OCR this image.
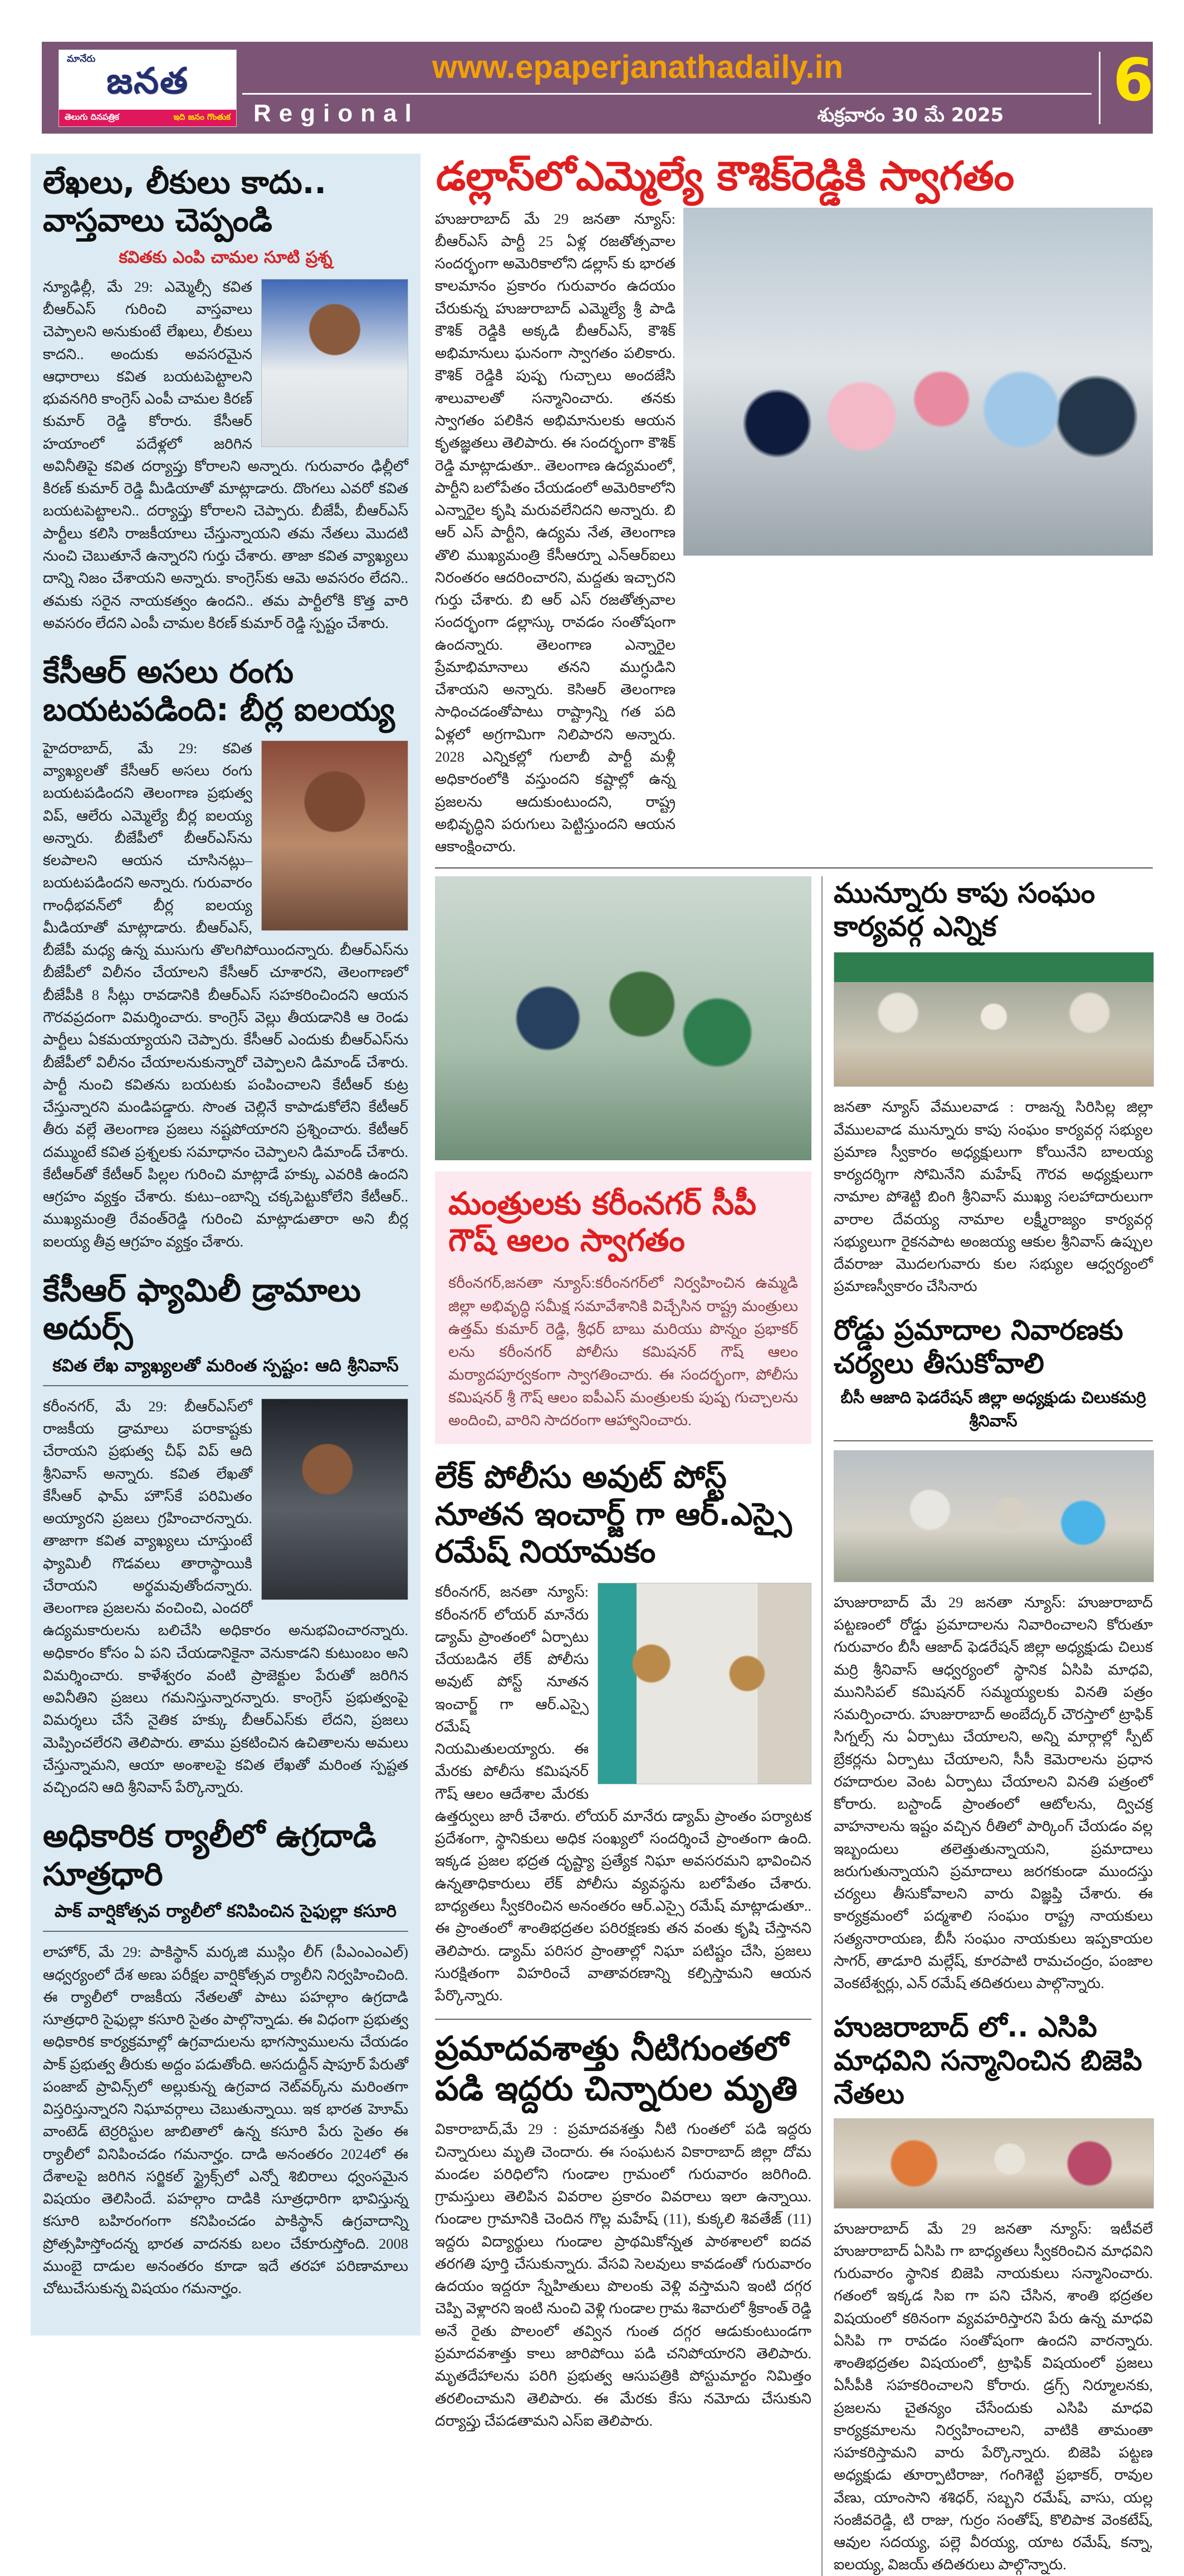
మానేరు
జనత
తెలుగు దినపత్రిక	ఇది జనం గొంతుక
www.epaperjanathadaily.in
Regional	శుక్రవారం 30 మే 2025
6
లేఖలు, లీకులు కాదు.. వాస్తవాలు చెప్పండి
కవితకు ఎంపి చామల సూటి ప్రశ్న

న్యూఢిల్లీ, మే 29: ఎమ్మెల్సీ కవిత బీఆర్ఎస్ గురించి వాస్తవాలు చెప్పాలని అనుకుంటే లేఖలు, లీకులు కాదని.. అందుకు అవసరమైన ఆధారాలు కవిత బయటపెట్టాలని భువనగిరి కాంగ్రెస్ ఎంపీ చామల కిరణ్ కుమార్ రెడ్డి కోరారు. కేసీఆర్ హయాంలో పదేళ్లలో జరిగిన అవినీతిపై కవిత దర్యాప్తు కోరాలని అన్నారు. గురువారం ఢిల్లీలో కిరణ్ కుమార్ రెడ్డి మీడియాతో మాట్లాడారు. దొంగలు ఎవరో కవిత బయటపెట్టాలని.. దర్యాప్తు కోరాలని చెప్పారు. బీజేపీ, బీఆర్ఎస్ పార్టీలు కలిసి రాజకీయాలు చేస్తున్నాయని తమ నేతలు మొదటి నుంచి చెబుతూనే ఉన్నారని గుర్తు చేశారు. తాజా కవిత వ్యాఖ్యలు దాన్ని నిజం చేశాయని అన్నారు. కాంగ్రెస్‌కు ఆమె అవసరం లేదని.. తమకు సరైన నాయకత్వం ఉందని.. తమ పార్టీలోకి కొత్త వారి అవసరం లేదని ఎంపీ చామల కిరణ్ కుమార్ రెడ్డి స్పష్టం చేశారు.

కేసీఆర్ అసలు రంగు బయటపడింది: బీర్ల ఐలయ్య

హైదరాబాద్, మే 29: కవిత వ్యాఖ్యలతో కేసీఆర్ అసలు రంగు బయటపడిందని తెలంగాణ ప్రభుత్వ విప్, ఆలేరు ఎమ్మెల్యే బీర్ల ఐలయ్య అన్నారు. బీజేపీలో బీఆర్ఎస్‌ను కలపాలని ఆయన చూసినట్లు– బయటపడిందని అన్నారు. గురువారం గాంధీభవన్‌లో బీర్ల ఐలయ్య మీడియాతో మాట్లాడారు. బీఆర్ఎస్, బీజేపీ మధ్య ఉన్న ముసుగు తొలగిపోయిందన్నారు. బీఆర్ఎస్‌ను బీజేపీలో విలీనం చేయాలని కేసీఆర్ చూశారని, తెలంగాణలో బీజేపీకి 8 సీట్లు రావడానికి బీఆర్ఎస్ సహకరించిందని ఆయన గౌరవప్రదంగా విమర్శించారు. కాంగ్రెస్ వెల్లు తీయడానికి ఆ రెండు పార్టీలు ఏకమయ్యాయని చెప్పారు. కేసీఆర్ ఎందుకు బీఆర్ఎస్‌ను బీజేపీలో విలీనం చేయాలనుకున్నారో చెప్పాలని డిమాండ్ చేశారు. పార్టీ నుంచి కవితను బయటకు పంపించాలని కేటీఆర్ కుట్ర చేస్తున్నారని మండిపడ్డారు. సొంత చెల్లినే కాపాడుకోలేని కేటీఆర్ తీరు వల్లే తెలంగాణ ప్రజలు నష్టపోయారని ప్రశ్నించారు. కేటీఆర్ దమ్ముంటే కవిత ప్రశ్నలకు సమాధానం చెప్పాలని డిమాండ్ చేశారు. కేటీఆర్‌తో కేటీఆర్ పిల్లల గురించి మాట్లాడే హక్కు ఎవరికి ఉందని ఆగ్రహం వ్యక్తం చేశారు. కుటు–ంబాన్ని చక్కపెట్టుకోలేని కేటీఆర్.. ముఖ్యమంత్రి రేవంత్‌రెడ్డి గురించి మాట్లాడుతారా అని బీర్ల ఐలయ్య తీవ్ర ఆగ్రహం వ్యక్తం చేశారు.

కేసీఆర్ ఫ్యామిలీ డ్రామాలు అదుర్స్
కవిత లేఖ వ్యాఖ్యలతో మరింత స్పష్టం: ఆది శ్రీనివాస్

కరీంనగర్, మే 29: బీఆర్ఎస్‌లో రాజకీయ డ్రామాలు పరాకాష్టకు చేరాయని ప్రభుత్వ చీఫ్ విప్ ఆది శ్రీనివాస్ అన్నారు. కవిత లేఖతో కేసీఆర్ ఫామ్ హౌస్‌కే పరిమితం అయ్యారని ప్రజలు గ్రహించారన్నారు. తాజాగా కవిత వ్యాఖ్యలు చూస్తుంటే ఫ్యామిలీ గొడవలు తారాస్థాయికి చేరాయని అర్థమవుతోందన్నారు. తెలంగాణ ప్రజలను వంచించి, ఎందరో ఉద్యమకారులను బలిచేసి అధికారం అనుభవించారన్నారు. అధికారం కోసం ఏ పని చేయడానికైనా వెనుకాడని కుటుంబం అని విమర్శించారు. కాళేశ్వరం వంటి ప్రాజెక్టుల పేరుతో జరిగిన అవినీతిని ప్రజలు గమనిస్తున్నారన్నారు. కాంగ్రెస్ ప్రభుత్వంపై విమర్శలు చేసే నైతిక హక్కు బీఆర్ఎస్‌కు లేదని, ప్రజలు మెప్పించలేరని తెలిపారు. తాము ప్రకటించిన ఉచితాలను అమలు చేస్తున్నామని, ఆయా అంశాలపై కవిత లేఖతో మరింత స్పష్టత వచ్చిందని ఆది శ్రీనివాస్ పేర్కొన్నారు.

అధికారిక ర్యాలీలో ఉగ్రదాడి సూత్రధారి
పాక్ వార్షికోత్సవ ర్యాలీలో కనిపించిన సైఫుల్లా కసూరి

లాహోర్, మే 29: పాకిస్థాన్ మర్కజి ముస్లిం లీగ్ (పీఎంఎంఎల్) ఆధ్వర్యంలో దేశ అణు పరీక్షల వార్షికోత్సవ ర్యాలీని నిర్వహించింది. ఈ ర్యాలీలో రాజకీయ నేతలతో పాటు పహల్గాం ఉగ్రదాడి సూత్రధారి సైఫుల్లా కసూరి సైతం పాల్గొన్నాడు. ఈ విధంగా ప్రభుత్వ అధికారిక కార్యక్రమాల్లో ఉగ్రవాదులను భాగస్వాములను చేయడం పాక్ ప్రభుత్వ తీరుకు అద్దం పడుతోంది. అసదుద్దీన్ షాపూర్ పేరుతో పంజాబ్ ప్రావిన్స్‌లో అల్లుకున్న ఉగ్రవాద నెట్‌వర్క్‌ను మరింతగా విస్తరిస్తున్నారని నిఘావర్గాలు చెబుతున్నాయి. ఇక భారత హెూమ్ వాంటెడ్ టెర్రరిస్టుల జాబితాలో ఉన్న కసూరి పేరు సైతం ఈ ర్యాలీలో వినిపించడం గమనార్హం. దాడి అనంతరం 2024లో ఈ దేశాలపై జరిగిన సర్జికల్ స్ట్రైక్స్‌లో ఎన్నో శిబిరాలు ధ్వంసమైన విషయం తెలిసిందే. పహల్గాం దాడికి సూత్రధారిగా భావిస్తున్న కసూరి బహిరంగంగా కనిపించడం పాకిస్థాన్ ఉగ్రవాదాన్ని ప్రోత్సహిస్తోందన్న భారత వాదనకు బలం చేకూరుస్తోంది. 2008 ముంబై దాడుల అనంతరం కూడా ఇదే తరహా పరిణామాలు చోటుచేసుకున్న విషయం గమనార్హం.

డల్లాస్‌లోఎమ్మెల్యే కౌశిక్‌రెడ్డికి స్వాగతం

హుజురాబాద్ మే 29 జనతా న్యూస్: బీఆర్ఎస్ పార్టీ 25 ఏళ్ల రజతోత్సవాల సందర్భంగా అమెరికాలోని డల్లాస్ కు భారత కాలమానం ప్రకారం గురువారం ఉదయం చేరుకున్న హుజురాబాద్ ఎమ్మెల్యే శ్రీ పాడి కౌశిక్ రెడ్డికి అక్కడి బీఆర్ఎస్, కౌశిక్ అభిమానులు ఘనంగా స్వాగతం పలికారు. కౌశిక్ రెడ్డికి పుష్ప గుచ్చాలు అందజేసి శాలువాలతో సన్మానించారు. తనకు స్వాగతం పలికిన అభిమానులకు ఆయన కృతజ్ఞతలు తెలిపారు. ఈ సందర్భంగా కౌశిక్ రెడ్డి మాట్లాడుతూ.. తెలంగాణ ఉద్యమంలో, పార్టీని బలోపేతం చేయడంలో అమెరికాలోని ఎన్నారైల కృషి మరువలేనిదని అన్నారు. బి ఆర్ ఎస్ పార్టీని, ఉద్యమ నేత, తెలంగాణ తొలి ముఖ్యమంత్రి కేసీఆర్నూ ఎన్ఆర్ఐలు నిరంతరం ఆదరించారని, మద్దతు ఇచ్చారని గుర్తు చేశారు. బి ఆర్ ఎస్ రజతోత్సవాల సందర్భంగా డల్లాస్కు రావడం సంతోషంగా ఉందన్నారు. తెలంగాణ ఎన్నారైల ప్రేమాభిమానాలు తనని ముగ్ధుడిని చేశాయని అన్నారు. కెసిఆర్ తెలంగాణ సాధించడంతోపాటు రాష్ట్రాన్ని గత పది ఏళ్లలో అగ్రగామిగా నిలిపారని అన్నారు. 2028 ఎన్నికల్లో గులాబీ పార్టీ మళ్లీ అధికారంలోకి వస్తుందని కష్టాల్లో ఉన్న ప్రజలను ఆదుకుంటుందని, రాష్ట్ర అభివృద్ధిని పరుగులు పెట్టిస్తుందని ఆయన ఆకాంక్షించారు.

మంత్రులకు కరీంనగర్ సీపీ గౌష్ ఆలం స్వాగతం

కరీంనగర్,జనతా న్యూస్:కరీంనగర్‌లో నిర్వహించిన ఉమ్మడి జిల్లా అభివృద్ధి సమీక్ష సమావేశానికి విచ్చేసిన రాష్ట్ర మంత్రులు ఉత్తమ్ కుమార్ రెడ్డి, శ్రీధర్ బాబు మరియు పొన్నం ప్రభాకర్ లను కరీంనగర్ పోలీసు కమిషనర్ గౌష్ ఆలం మర్యాదపూర్వకంగా స్వాగతించారు. ఈ సందర్భంగా, పోలీసు కమిషనర్ శ్రీ గౌష్ ఆలం ఐపీఎస్ మంత్రులకు పుష్ప గుచ్చాలను అందించి, వారిని సాదరంగా ఆహ్వానించారు.

లేక్ పోలీసు అవుట్ పోస్ట్ నూతన ఇంచార్జ్ గా ఆర్.ఎస్సై రమేష్ నియామకం

కరీంనగర్, జనతా న్యూస్: కరీంనగర్ లోయర్ మానేరు డ్యామ్ ప్రాంతంలో ఏర్పాటు చేయబడిన లేక్ పోలీసు అవుట్ పోస్ట్ నూతన ఇంచార్జ్ గా ఆర్.ఎస్సై రమేష్ నియమితులయ్యారు. ఈ మేరకు పోలీసు కమిషనర్ గౌష్ ఆలం ఆదేశాల మేరకు ఉత్తర్వులు జారీ చేశారు. లోయర్ మానేరు డ్యామ్ ప్రాంతం పర్యాటక ప్రదేశంగా, స్థానికులు అధిక సంఖ్యలో సందర్శించే ప్రాంతంగా ఉంది. ఇక్కడ ప్రజల భద్రత దృష్ట్యా ప్రత్యేక నిఘా అవసరమని భావించిన ఉన్నతాధికారులు లేక్ పోలీసు వ్యవస్థను బలోపేతం చేశారు. బాధ్యతలు స్వీకరించిన అనంతరం ఆర్.ఎస్సై రమేష్ మాట్లాడుతూ.. ఈ ప్రాంతంలో శాంతిభద్రతల పరిరక్షణకు తన వంతు కృషి చేస్తానని తెలిపారు. డ్యామ్ పరిసర ప్రాంతాల్లో నిఘా పటిష్టం చేసి, ప్రజలు సురక్షితంగా విహరించే వాతావరణాన్ని కల్పిస్తామని ఆయన పేర్కొన్నారు.

ప్రమాదవశాత్తు నీటిగుంతలో పడి ఇద్దరు చిన్నారుల మృతి

వికారాబాద్,మే 29 : ప్రమాదవశత్తు నీటి గుంతలో పడి ఇద్దరు చిన్నారులు మృతి చెందారు. ఈ సంఘటన వికారాబాద్ జిల్లా దోమ మండల పరిధిలోని గుండాల గ్రామంలో గురువారం జరిగింది. గ్రామస్తులు తెలిపిన వివరాల ప్రకారం వివరాలు ఇలా ఉన్నాయి. గుండాల గ్రామానికి చెందిన గొల్ల మహేష్ (11), కుక్కలి శివతేజ్ (11) ఇద్దరు విద్యార్థులు గుండాల ప్రాథమికోన్నత పాఠశాలలో ఐదవ తరగతి పూర్తి చేసుకున్నారు. వేసవి సెలవులు కావడంతో గురువారం ఉదయం ఇద్దరూ స్నేహితులు పొలంకు వెళ్లి వస్తామని ఇంటి దగ్గర చెప్పి వెళ్లారని ఇంటి నుంచి వెళ్లి గుండాల గ్రామ శివారులో శ్రీకాంత్ రెడ్డి అనే రైతు పొలంలో తవ్విన గుంత దగ్గర ఆడుకుంటుండగా ప్రమాదవశాత్తు కాలు జారిపోయి పడి చనిపోయారని తెలిపారు. మృతదేహాలను పరిగి ప్రభుత్వ ఆసుపత్రికి పోస్టుమార్టం నిమిత్తం తరలించామని తెలిపారు. ఈ మేరకు కేసు నమోదు చేసుకుని దర్యాప్తు చేపడతామని ఎస్ఐ తెలిపారు.

మున్నూరు కాపు సంఘం కార్యవర్గ ఎన్నిక

జనతా న్యూస్ వేములవాడ : రాజన్న సిరిసిల్ల జిల్లా వేములవాడ మున్నూరు కాపు సంఘం కార్యవర్గ సభ్యుల ప్రమాణ స్వీకారం అధ్యక్షులుగా కోయినేని బాలయ్య కార్యదర్శిగా సోమినేని మహేష్ గౌరవ అధ్యక్షులుగా నామాల పోశెట్టి బింగి శ్రీనివాస్ ముఖ్య సలహాదారులుగా వారాల దేవయ్య నామాల లక్ష్మీరాజ్యం కార్యవర్గ సభ్యులుగా రైకనపాట అంజయ్య ఆకుల శ్రీనివాస్ ఉప్పుల దేవరాజు మొదలగువారు కుల సభ్యుల ఆధ్వర్యంలో ప్రమాణస్వీకారం చేసినారు

రోడ్డు ప్రమాదాల నివారణకు చర్యలు తీసుకోవాలి
బీసీ ఆజాది ఫెడరేషన్ జిల్లా అధ్యక్షుడు చిలుకమర్రి శ్రీనివాస్

హుజురాబాద్ మే 29 జనతా న్యూస్: హుజురాబాద్ పట్టణంలో రోడ్డు ప్రమాదాలను నివారించాలని కోరుతూ గురువారం బీసీ ఆజాద్ ఫెడరేషన్ జిల్లా అధ్యక్షుడు చిలుక మర్రి శ్రీనివాస్ ఆధ్వర్యంలో స్థానిక ఏసిపి మాధవి, మునిసిపల్ కమిషనర్ సమ్మయ్యలకు వినతి పత్రం సమర్పించారు. హుజురాబాద్ అంబేద్కర్ చౌరస్తాలో ట్రాఫిక్ సిగ్నల్స్ ను ఏర్పాటు చేయాలని, అన్ని మార్గాల్లో స్పీట్ బ్రేకర్లను ఏర్పాటు చేయాలని, సీసీ కెమెరాలను ప్రధాన రహదారుల వెంట ఏర్పాటు చేయాలని వినతి పత్రంలో కోరారు. బస్టాండ్ ప్రాంతంలో ఆటోలను, ద్విచక్ర వాహనాలను ఇష్టం వచ్చిన రీతిలో పార్కింగ్ చేయడం వల్ల ఇబ్బందులు తలెత్తుతున్నాయని, ప్రమాదాలు జరుగుతున్నాయని ప్రమాదాలు జరగకుండా ముందస్తు చర్యలు తీసుకోవాలని వారు విజ్ఞప్తి చేశారు. ఈ కార్యక్రమంలో పద్మశాలి సంఘం రాష్ట్ర నాయకులు సత్యనారాయణ, బీసీ సంఘం నాయకులు ఇప్పకాయల సాగర్, తాడూరి మల్లేష్, కూరపాటి రామచంద్రం, పంజాల వెంకటేశ్వర్లు, ఎన్ రమేష్ తదితరులు పాల్గొన్నారు.

హుజరాబాద్ లో.. ఎసిపి మాధవిని సన్మానించిన బిజెపి నేతలు

హుజురాబాద్ మే 29 జనతా న్యూస్: ఇటీవలే హుజురాబాద్ ఏసిపి గా బాధ్యతలు స్వీకరించిన మాధవిని గురువారం స్థానిక బిజెపి నాయకులు సన్మానించారు. గతంలో ఇక్కడ సిఐ గా పని చేసిన, శాంతి భద్రతల విషయంలో కఠినంగా వ్యవహరిస్తారని పేరు ఉన్న మాధవి ఏసిపి గా రావడం సంతోషంగా ఉందని వారన్నారు. శాంతిభద్రతల విషయంలో, ట్రాఫిక్ విషయంలో ప్రజలు ఏసీపీకి సహకరించాలని కోరారు. డ్రగ్స్ నిర్మూలనకు, ప్రజలను చైతన్యం చేసేందుకు ఎసిపి మాధవి కార్యక్రమాలను నిర్వహించాలని, వాటికి తామంతా సహకరిస్తామని వారు పేర్కొన్నారు. బిజెపి పట్టణ అధ్యక్షుడు తూర్పాటిరాజు, గంగిశెట్టి ప్రభాకర్, రావుల వేణు, యాంసాని శశిధర్, సబ్బని రమేష్, వాసు, యల్ల సంజీవరెడ్డి, టి రాజు, గుర్రం సంతోష్, కొలిపాక వెంకటేష్, ఆవుల సదయ్య, పల్లె వీరయ్య, యాట రమేష్, కన్నా, ఐలయ్య, విజయ్ తదితరులు పాల్గొన్నారు.
